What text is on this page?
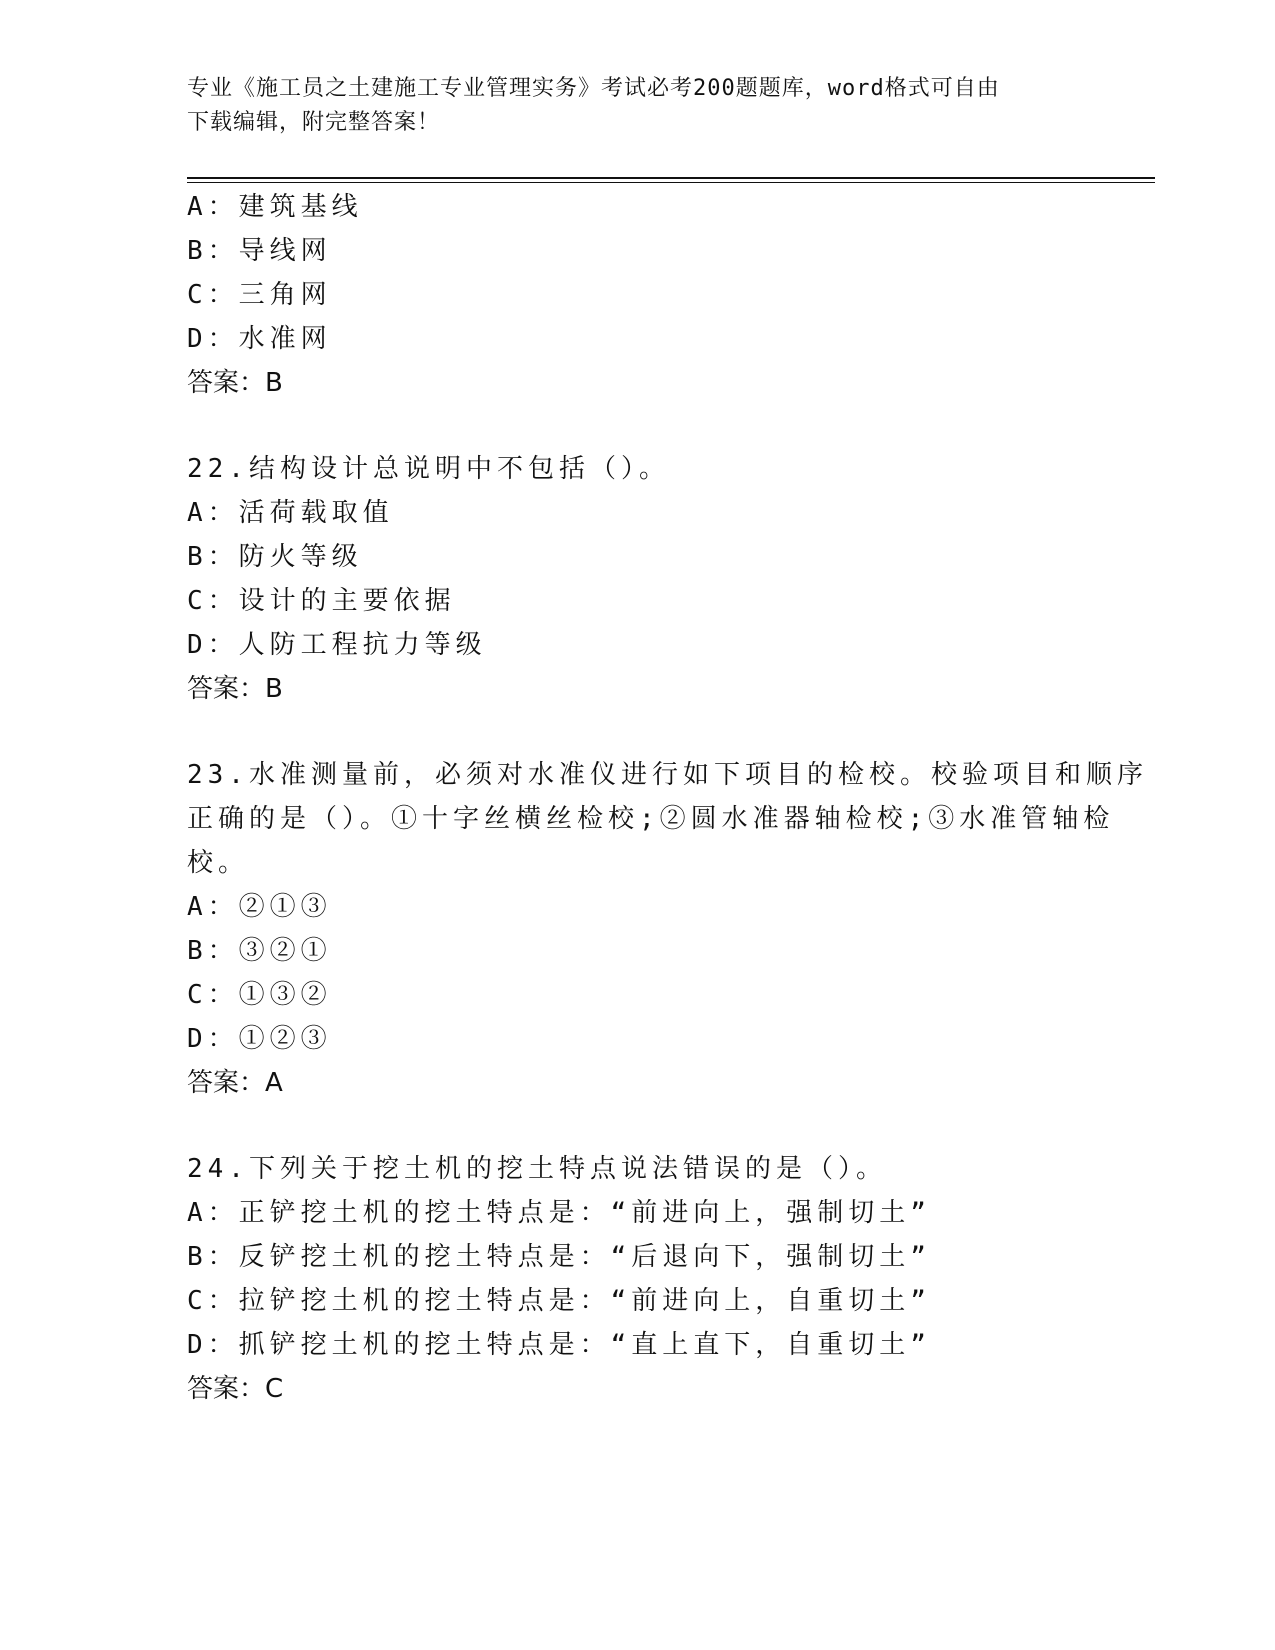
专业《施工员之土建施工专业管理实务》考试必考200题题库，word格式可自由
下载编辑，附完整答案！
A：建筑基线
B：导线网
C：三角网
D：水准网
答案：B
22.结构设计总说明中不包括（）。
A：活荷载取值
B：防火等级
C：设计的主要依据
D：人防工程抗力等级
答案：B
23.水准测量前，必须对水准仪进行如下项目的检校。校验项目和顺序
正确的是（）。①十字丝横丝检校;②圆水准器轴检校;③水准管轴检
校。
A：②①③
B：③②①
C：①③②
D：①②③
答案：A
24.下列关于挖土机的挖土特点说法错误的是（）。
A：正铲挖土机的挖土特点是：“前进向上，强制切土”
B：反铲挖土机的挖土特点是：“后退向下，强制切土”
C：拉铲挖土机的挖土特点是：“前进向上，自重切土”
D：抓铲挖土机的挖土特点是：“直上直下，自重切土”
答案：C
